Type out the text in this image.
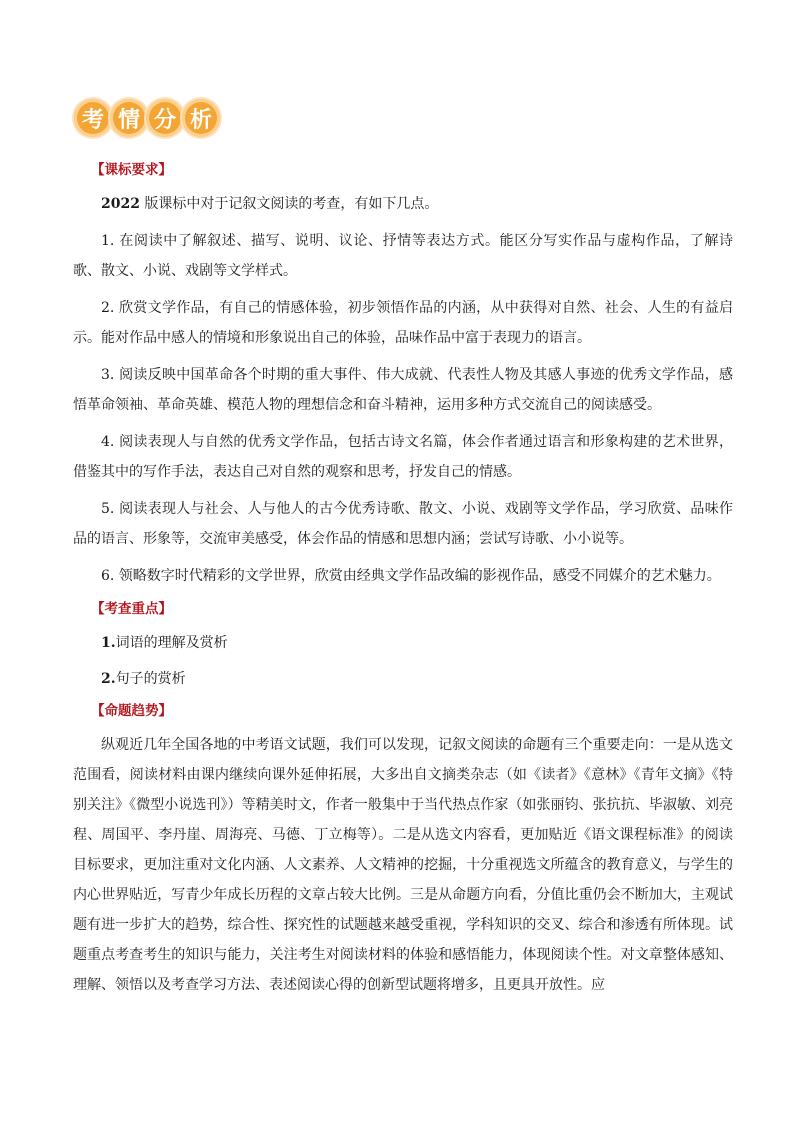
考 情 分 析
【课标要求】

2022 版课标中对于记叙文阅读的考查，有如下几点。

1. 在阅读中了解叙述、描写、说明、议论、抒情等表达方式。能区分写实作品与虚构作品，了解诗歌、散文、小说、戏剧等文学样式。

2. 欣赏文学作品，有自己的情感体验，初步领悟作品的内涵，从中获得对自然、社会、人生的有益启示。能对作品中感人的情境和形象说出自己的体验，品味作品中富于表现力的语言。

3. 阅读反映中国革命各个时期的重大事件、伟大成就、代表性人物及其感人事迹的优秀文学作品，感悟革命领袖、革命英雄、模范人物的理想信念和奋斗精神，运用多种方式交流自己的阅读感受。

4. 阅读表现人与自然的优秀文学作品，包括古诗文名篇，体会作者通过语言和形象构建的艺术世界，借鉴其中的写作手法，表达自己对自然的观察和思考，抒发自己的情感。

5. 阅读表现人与社会、人与他人的古今优秀诗歌、散文、小说、戏剧等文学作品，学习欣赏、品味作品的语言、形象等，交流审美感受，体会作品的情感和思想内涵；尝试写诗歌、小小说等。

6. 领略数字时代精彩的文学世界，欣赏由经典文学作品改编的影视作品，感受不同媒介的艺术魅力。

【考查重点】

1.词语的理解及赏析

2.句子的赏析

【命题趋势】

纵观近几年全国各地的中考语文试题，我们可以发现，记叙文阅读的命题有三个重要走向：一是从选文范围看，阅读材料由课内继续向课外延伸拓展，大多出自文摘类杂志（如《读者》《意林》《青年文摘》《特别关注》《微型小说选刊》）等精美时文，作者一般集中于当代热点作家（如张丽钧、张抗抗、毕淑敏、刘亮程、周国平、李丹崖、周海亮、马德、丁立梅等）。二是从选文内容看，更加贴近《语文课程标准》的阅读目标要求，更加注重对文化内涵、人文素养、人文精神的挖掘，十分重视选文所蕴含的教育意义，与学生的内心世界贴近，写青少年成长历程的文章占较大比例。三是从命题方向看，分值比重仍会不断加大，主观试题有进一步扩大的趋势，综合性、探究性的试题越来越受重视，学科知识的交叉、综合和渗透有所体现。试题重点考查考生的知识与能力，关注考生对阅读材料的体验和感悟能力，体现阅读个性。对文章整体感知、理解、领悟以及考查学习方法、表述阅读心得的创新型试题将增多，且更具开放性。应
